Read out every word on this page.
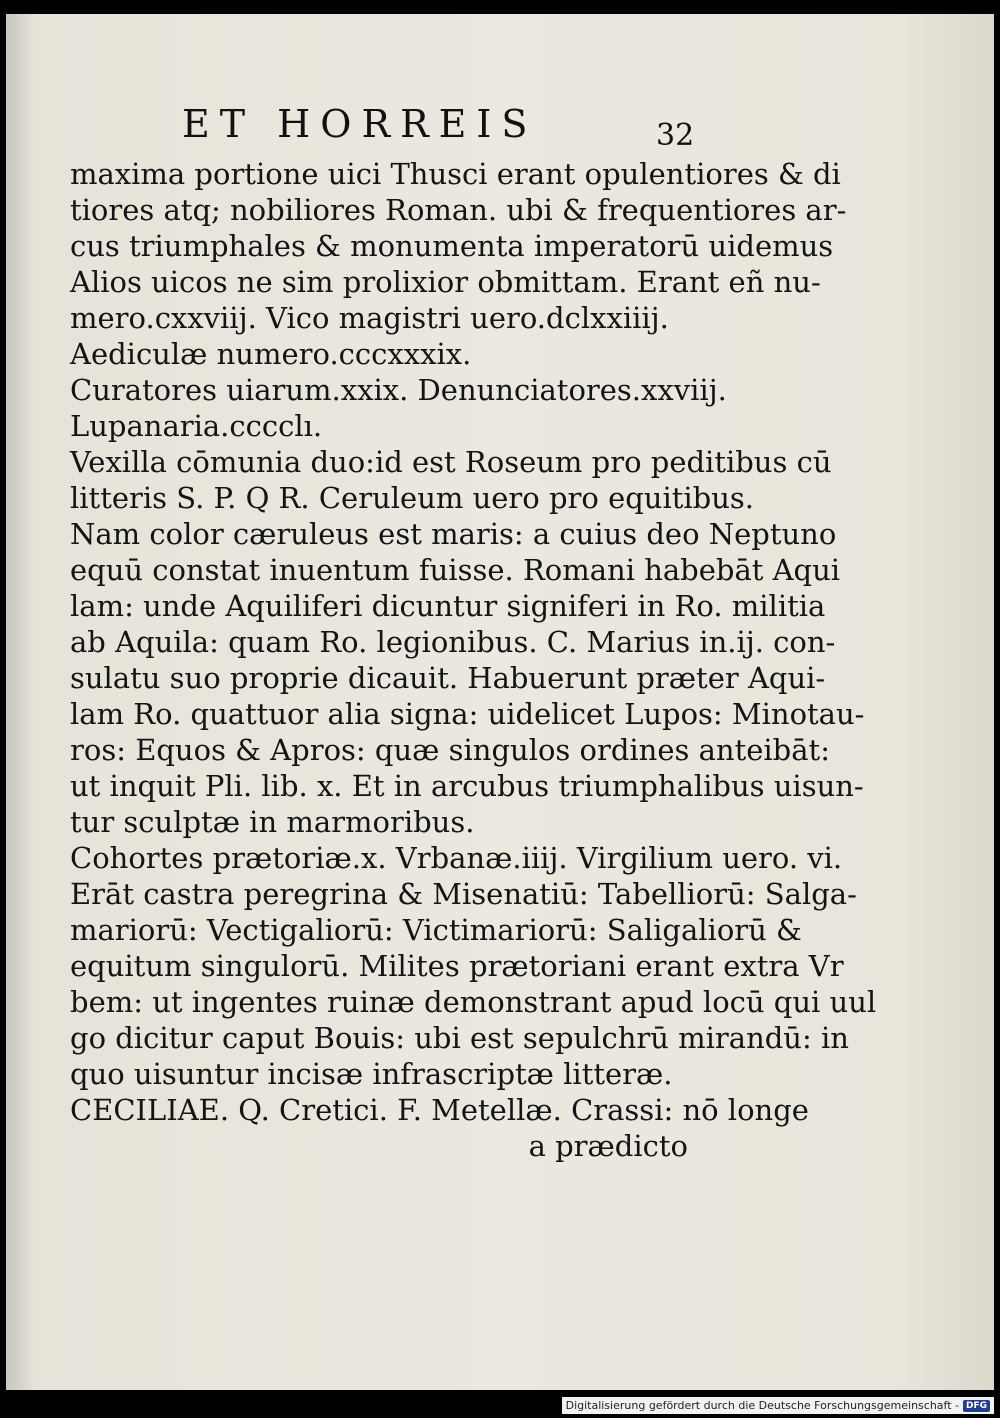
ET HORREIS	32
maxima portione uici Thusci erant opulentiores & di
tiores atq; nobiliores Roman. ubi & frequentiores ar-
cus triumphales & monumenta imperatorū uidemus
Alios uicos ne sim prolixior obmittam. Erant eñ nu-
mero.cxxviij. Vico magistri uero.dclxxiiij.
Aediculæ numero.cccxxxix.
Curatores uiarum.xxix. Denunciatores.xxviij.
Lupanaria.cccclı.
Vexilla cōmunia duo:id est Roseum pro peditibus cū
litteris S. P. Q R. Ceruleum uero pro equitibus.
Nam color cæruleus est maris: a cuius deo Neptuno
equū constat inuentum fuisse. Romani habebāt Aqui
lam: unde Aquiliferi dicuntur signiferi in Ro. militia
ab Aquila: quam Ro. legionibus. C. Marius in.ij. con-
sulatu suo proprie dicauit. Habuerunt præter Aqui-
lam Ro. quattuor alia signa: uidelicet Lupos: Minotau-
ros: Equos & Apros: quæ singulos ordines anteibāt:
ut inquit Pli. lib. x. Et in arcubus triumphalibus uisun-
tur sculptæ in marmoribus.
Cohortes prætoriæ.x. Vrbanæ.iiij. Virgilium uero. vi.
Erāt castra peregrina & Misenatiū: Tabelliorū: Salga-
mariorū: Vectigaliorū: Victimariorū: Saligaliorū &
equitum singulorū. Milites prætoriani erant extra Vr
bem: ut ingentes ruinæ demonstrant apud locū qui uul
go dicitur caput Bouis: ubi est sepulchrū mirandū: in
quo uisuntur incisæ infrascriptæ litteræ.
CECILIAE. Q. Cretici. F. Metellæ. Crassi: nō longe
a prædicto
Digitalisierung gefördert durch die Deutsche Forschungsgemeinschaft - DFG
